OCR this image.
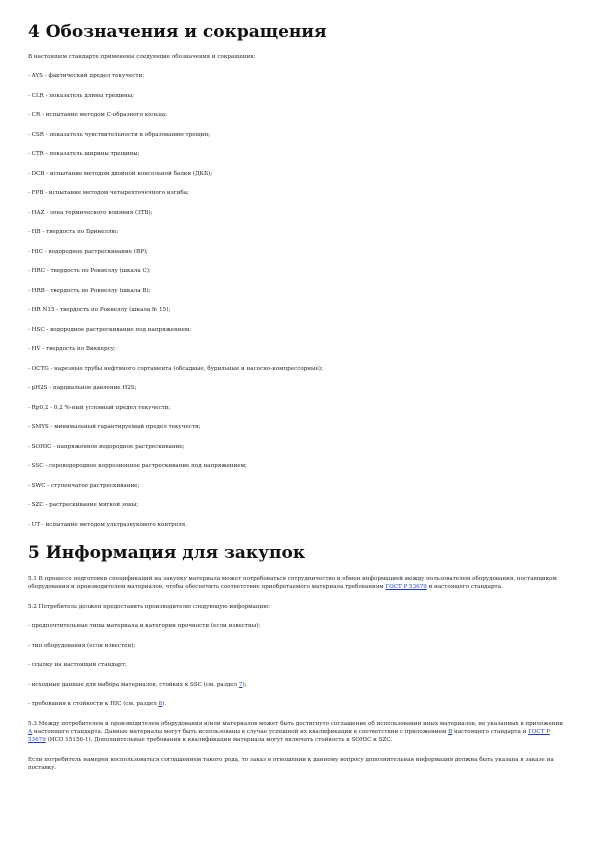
4 Обозначения и сокращения

В настоящем стандарте применены следующие обозначения и сокращения:

- AYS - фактический предел текучести;
- CLR - показатель длины трещины;
- CR - испытание методом C-образного кольца;
- CSR - показатель чувствительности к образованию трещин;
- CTR - показатель ширины трещины;
- DCB - испытание методом двойной консольной балки (ДКБ);
- FPB - испытание методом четырехточечного изгиба;
- HAZ - зона термического влияния (ЗТВ);
- HB - твердость по Бринеллю;
- HIC - водородное растрескивание (ВР);
- HRC - твердость по Роквеллу (шкала C);
- HRB - твердость по Роквеллу (шкала B);
- HR N15 - твердость по Роквеллу (шкала № 15);
- HSC - водородное растрескивание под напряжением;
- HV - твердость по Виккерсу;
- OCTG - нарезные трубы нефтяного сортамента (обсадные, бурильные и насосно-компрессорные);
- pH2S - парциальное давление H2S;
- Rp0,2 - 0,2 %-ный условный предел текучести;
- SMYS - минимальный гарантируемый предел текучести;
- SOHIC - напряженное водородное растрескивание;
- SSC - сероводородное коррозионное растрескивание под напряжением;
- SWC - ступенчатое растрескивание;
- SZC - растрескивание мягкой зоны;
- UT - испытание методом ультразвукового контроля.
5 Информация для закупок

5.1 В процессе подготовки спецификаций на закупку материала может потребоваться сотрудничество и обмен информацией между пользователем оборудования, поставщиком оборудования и производителем материалов, чтобы обеспечить соответствие приобретаемого материала требованиям ГОСТ Р 53679 и настоящего стандарта.

5.2 Потребитель должен предоставить производителю следующую информацию:

- предпочтительные типы материала и категории прочности (если известны);
- тип оборудования (если известен);
- ссылку на настоящий стандарт;
- исходные данные для выбора материалов, стойких к SSC (см. раздел 7);
- требования к стойкости к HIC (см. раздел 8).

5.3 Между потребителем и производителем оборудования и/или материалов может быть достигнуто соглашение об использовании иных материалов, не указанных в приложении А настоящего стандарта. Данные материалы могут быть использованы в случае успешной их квалификации в соответствии с приложением В настоящего стандарта и ГОСТ Р 53679 (ИСО 15156-1). Дополнительные требования к квалификации материала могут включать стойкость к SOHIC и SZC.

Если потребитель намерен воспользоваться соглашением такого рода, то заказ в отношении к данному вопросу дополнительная информация должна быть указана в заказе на поставку.
